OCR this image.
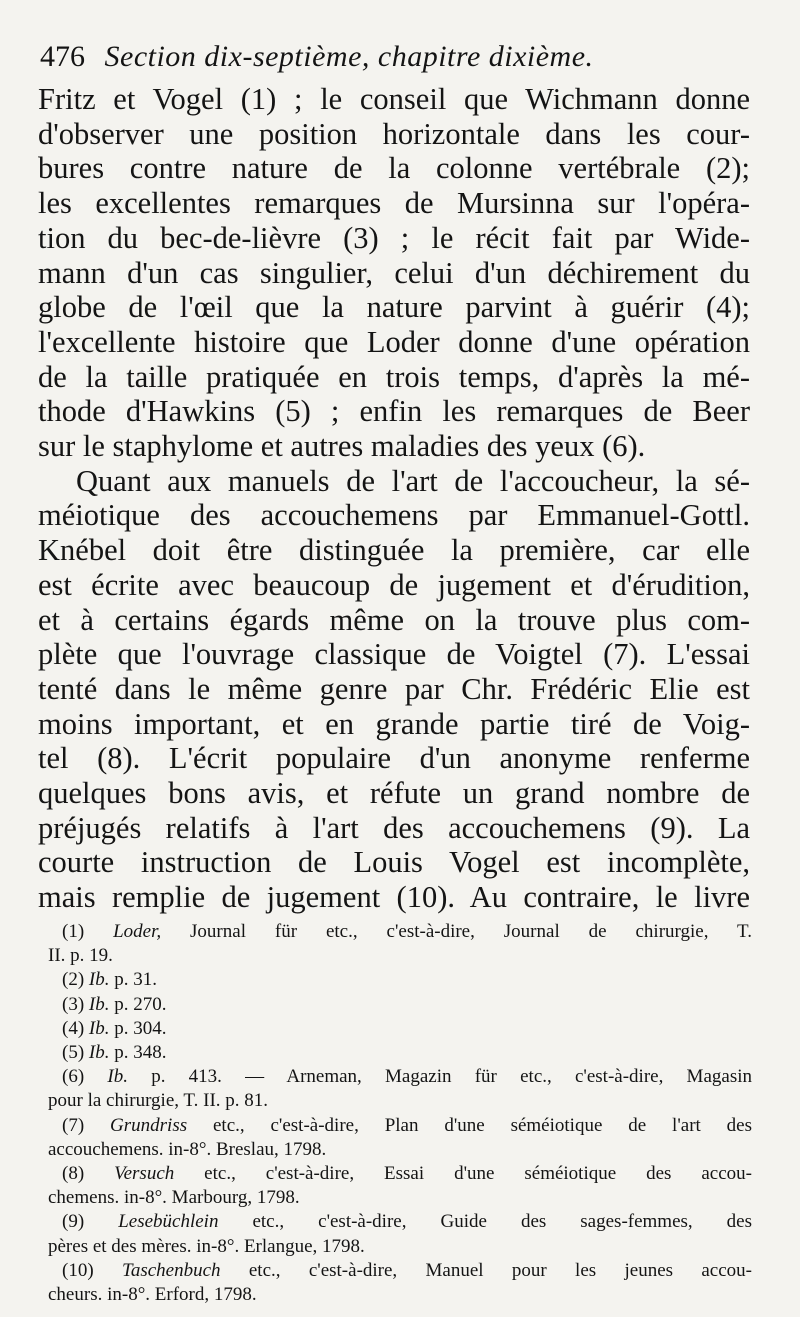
476 Section dix-septième, chapitre dixième.
Fritz et Vogel (1) ; le conseil que Wichmann donne
d'observer une position horizontale dans les cour-
bures contre nature de la colonne vertébrale (2);
les excellentes remarques de Mursinna sur l'opéra-
tion du bec-de-lièvre (3) ; le récit fait par Wide-
mann d'un cas singulier, celui d'un déchirement du
globe de l'œil que la nature parvint à guérir (4);
l'excellente histoire que Loder donne d'une opération
de la taille pratiquée en trois temps, d'après la mé-
thode d'Hawkins (5) ; enfin les remarques de Beer
sur le staphylome et autres maladies des yeux (6).
Quant aux manuels de l'art de l'accoucheur, la sé-
méiotique des accouchemens par Emmanuel-Gottl.
Knébel doit être distinguée la première, car elle
est écrite avec beaucoup de jugement et d'érudition,
et à certains égards même on la trouve plus com-
plète que l'ouvrage classique de Voigtel (7). L'essai
tenté dans le même genre par Chr. Frédéric Elie est
moins important, et en grande partie tiré de Voig-
tel (8). L'écrit populaire d'un anonyme renferme
quelques bons avis, et réfute un grand nombre de
préjugés relatifs à l'art des accouchemens (9). La
courte instruction de Louis Vogel est incomplète,
mais remplie de jugement (10). Au contraire, le livre
(1) Loder, Journal für etc., c'est-à-dire, Journal de chirurgie, T.
II. p. 19.
(2) Ib. p. 31.
(3) Ib. p. 270.
(4) Ib. p. 304.
(5) Ib. p. 348.
(6) Ib. p. 413. — Arneman, Magazin für etc., c'est-à-dire, Magasin
pour la chirurgie, T. II. p. 81.
(7) Grundriss etc., c'est-à-dire, Plan d'une séméiotique de l'art des
accouchemens. in-8°. Breslau, 1798.
(8) Versuch etc., c'est-à-dire, Essai d'une séméiotique des accou-
chemens. in-8°. Marbourg, 1798.
(9) Lesebüchlein etc., c'est-à-dire, Guide des sages-femmes, des
pères et des mères. in-8°. Erlangue, 1798.
(10) Taschenbuch etc., c'est-à-dire, Manuel pour les jeunes accou-
cheurs. in-8°. Erford, 1798.
